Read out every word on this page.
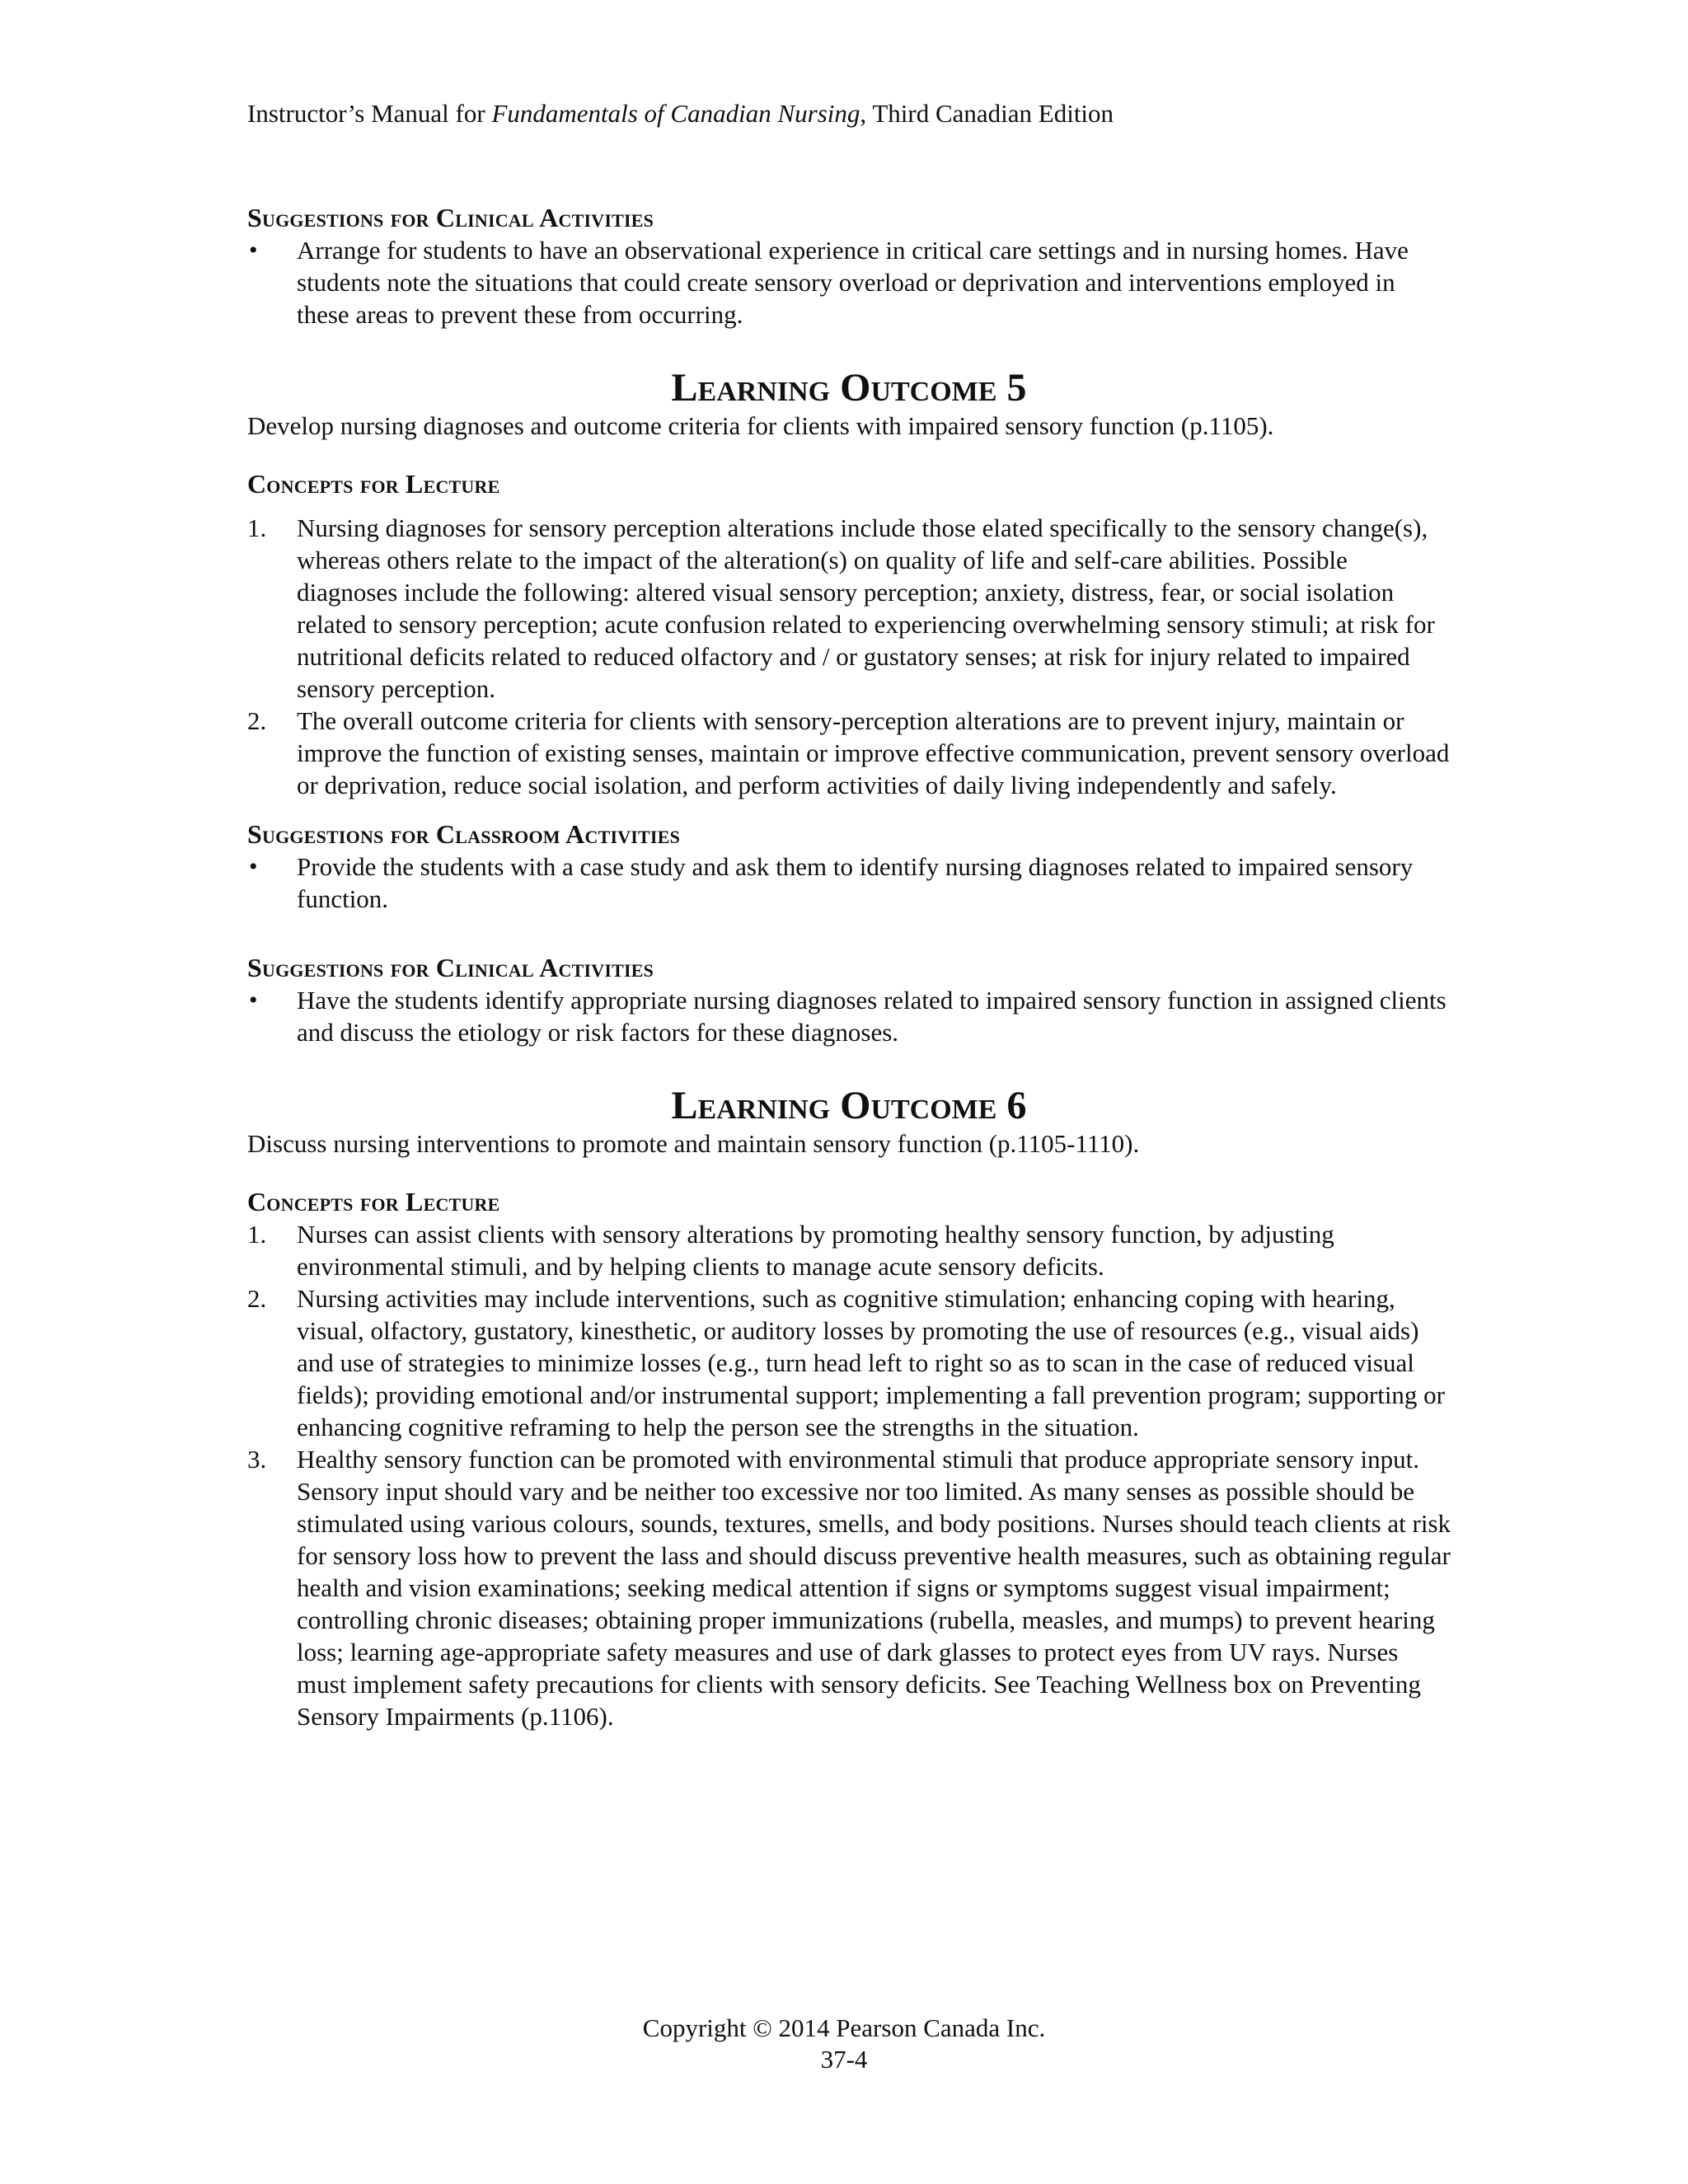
Instructor’s Manual for Fundamentals of Canadian Nursing, Third Canadian Edition
Suggestions for Clinical Activities
• Arrange for students to have an observational experience in critical care settings and in nursing homes. Have students note the situations that could create sensory overload or deprivation and interventions employed in these areas to prevent these from occurring.
Learning Outcome 5

Develop nursing diagnoses and outcome criteria for clients with impaired sensory function (p.1105).

Concepts for Lecture
1. Nursing diagnoses for sensory perception alterations include those elated specifically to the sensory change(s), whereas others relate to the impact of the alteration(s) on quality of life and self-care abilities. Possible diagnoses include the following: altered visual sensory perception; anxiety, distress, fear, or social isolation related to sensory perception; acute confusion related to experiencing overwhelming sensory stimuli; at risk for nutritional deficits related to reduced olfactory and / or gustatory senses; at risk for injury related to impaired sensory perception.
2. The overall outcome criteria for clients with sensory-perception alterations are to prevent injury, maintain or improve the function of existing senses, maintain or improve effective communication, prevent sensory overload or deprivation, reduce social isolation, and perform activities of daily living independently and safely.
Suggestions for Classroom Activities
• Provide the students with a case study and ask them to identify nursing diagnoses related to impaired sensory function.
Suggestions for Clinical Activities
• Have the students identify appropriate nursing diagnoses related to impaired sensory function in assigned clients and discuss the etiology or risk factors for these diagnoses.
Learning Outcome 6

Discuss nursing interventions to promote and maintain sensory function (p.1105-1110).

Concepts for Lecture
1. Nurses can assist clients with sensory alterations by promoting healthy sensory function, by adjusting environmental stimuli, and by helping clients to manage acute sensory deficits.
2. Nursing activities may include interventions, such as cognitive stimulation; enhancing coping with hearing, visual, olfactory, gustatory, kinesthetic, or auditory losses by promoting the use of resources (e.g., visual aids) and use of strategies to minimize losses (e.g., turn head left to right so as to scan in the case of reduced visual fields); providing emotional and/or instrumental support; implementing a fall prevention program; supporting or enhancing cognitive reframing to help the person see the strengths in the situation.
3. Healthy sensory function can be promoted with environmental stimuli that produce appropriate sensory input. Sensory input should vary and be neither too excessive nor too limited. As many senses as possible should be stimulated using various colours, sounds, textures, smells, and body positions. Nurses should teach clients at risk for sensory loss how to prevent the lass and should discuss preventive health measures, such as obtaining regular health and vision examinations; seeking medical attention if signs or symptoms suggest visual impairment; controlling chronic diseases; obtaining proper immunizations (rubella, measles, and mumps) to prevent hearing loss; learning age-appropriate safety measures and use of dark glasses to protect eyes from UV rays. Nurses must implement safety precautions for clients with sensory deficits. See Teaching Wellness box on Preventing Sensory Impairments (p.1106).
Copyright © 2014 Pearson Canada Inc.
37-4
